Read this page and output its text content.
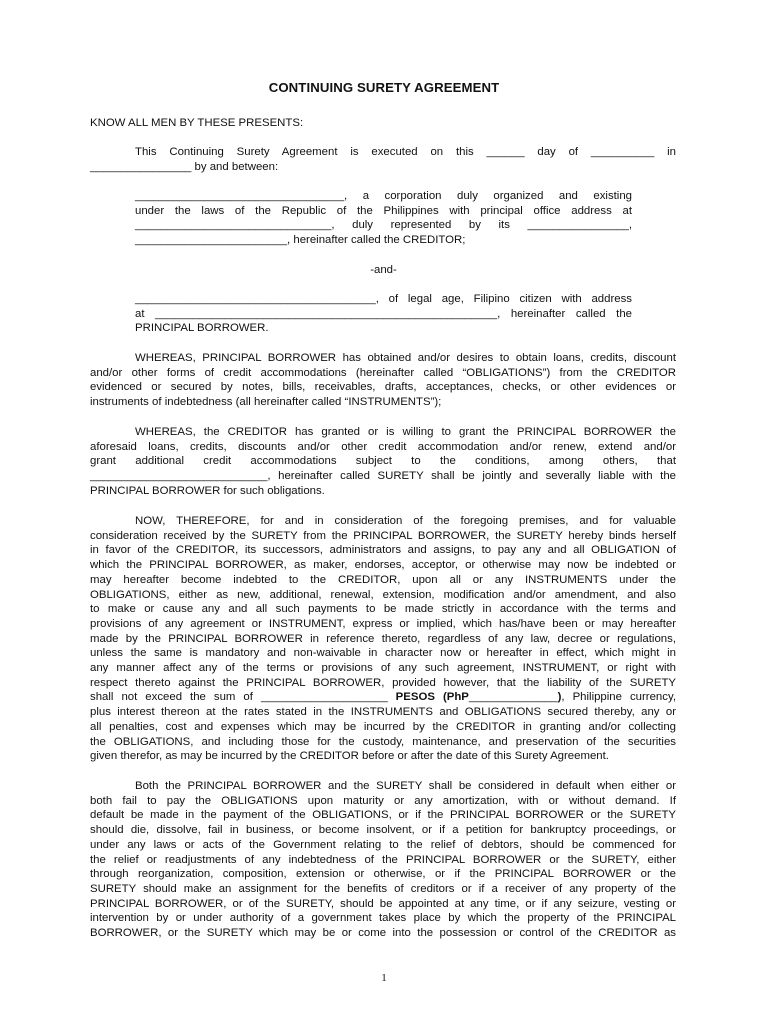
CONTINUING SURETY AGREEMENT
KNOW ALL MEN BY THESE PRESENTS:
This Continuing Surety Agreement is executed on this ______ day of __________ in
________________ by and between:
_________________________________, a corporation duly organized and existing
under the laws of the Republic of the Philippines with principal office address at
_______________________________, duly represented by its ________________,
________________________, hereinafter called the CREDITOR;
-and-
______________________________________, of legal age, Filipino citizen with address
at ______________________________________________________, hereinafter called the
PRINCIPAL BORROWER.
WHEREAS, PRINCIPAL BORROWER has obtained and/or desires to obtain loans, credits, discount
and/or other forms of credit accommodations (hereinafter called “OBLIGATIONS”) from the CREDITOR
evidenced or secured by notes, bills, receivables, drafts, acceptances, checks, or other evidences or
instruments of indebtedness (all hereinafter called “INSTRUMENTS”);
WHEREAS, the CREDITOR has granted or is willing to grant the PRINCIPAL BORROWER the
aforesaid loans, credits, discounts and/or other credit accommodation and/or renew, extend and/or
grant additional credit accommodations subject to the conditions, among others, that
____________________________, hereinafter called SURETY shall be jointly and severally liable with the
PRINCIPAL BORROWER for such obligations.
NOW, THEREFORE, for and in consideration of the foregoing premises, and for valuable
consideration received by the SURETY from the PRINCIPAL BORROWER, the SURETY hereby binds herself
in favor of the CREDITOR, its successors, administrators and assigns, to pay any and all OBLIGATION of
which the PRINCIPAL BORROWER, as maker, endorses, acceptor, or otherwise may now be indebted or
may hereafter become indebted to the CREDITOR, upon all or any INSTRUMENTS under the
OBLIGATIONS, either as new, additional, renewal, extension, modification and/or amendment, and also
to make or cause any and all such payments to be made strictly in accordance with the terms and
provisions of any agreement or INSTRUMENT, express or implied, which has/have been or may hereafter
made by the PRINCIPAL BORROWER in reference thereto, regardless of any law, decree or regulations,
unless the same is mandatory and non-waivable in character now or hereafter in effect, which might in
any manner affect any of the terms or provisions of any such agreement, INSTRUMENT, or right with
respect thereto against the PRINCIPAL BORROWER, provided however, that the liability of the SURETY
shall not exceed the sum of ____________________ PESOS (PhP______________), Philippine currency,
plus interest thereon at the rates stated in the INSTRUMENTS and OBLIGATIONS secured thereby, any or
all penalties, cost and expenses which may be incurred by the CREDITOR in granting and/or collecting
the OBLIGATIONS, and including those for the custody, maintenance, and preservation of the securities
given therefor, as may be incurred by the CREDITOR before or after the date of this Surety Agreement.
Both the PRINCIPAL BORROWER and the SURETY shall be considered in default when either or
both fail to pay the OBLIGATIONS upon maturity or any amortization, with or without demand. If
default be made in the payment of the OBLIGATIONS, or if the PRINCIPAL BORROWER or the SURETY
should die, dissolve, fail in business, or become insolvent, or if a petition for bankruptcy proceedings, or
under any laws or acts of the Government relating to the relief of debtors, should be commenced for
the relief or readjustments of any indebtedness of the PRINCIPAL BORROWER or the SURETY, either
through reorganization, composition, extension or otherwise, or if the PRINCIPAL BORROWER or the
SURETY should make an assignment for the benefits of creditors or if a receiver of any property of the
PRINCIPAL BORROWER, or of the SURETY, should be appointed at any time, or if any seizure, vesting or
intervention by or under authority of a government takes place by which the property of the PRINCIPAL
BORROWER, or the SURETY which may be or come into the possession or control of the CREDITOR as
1
